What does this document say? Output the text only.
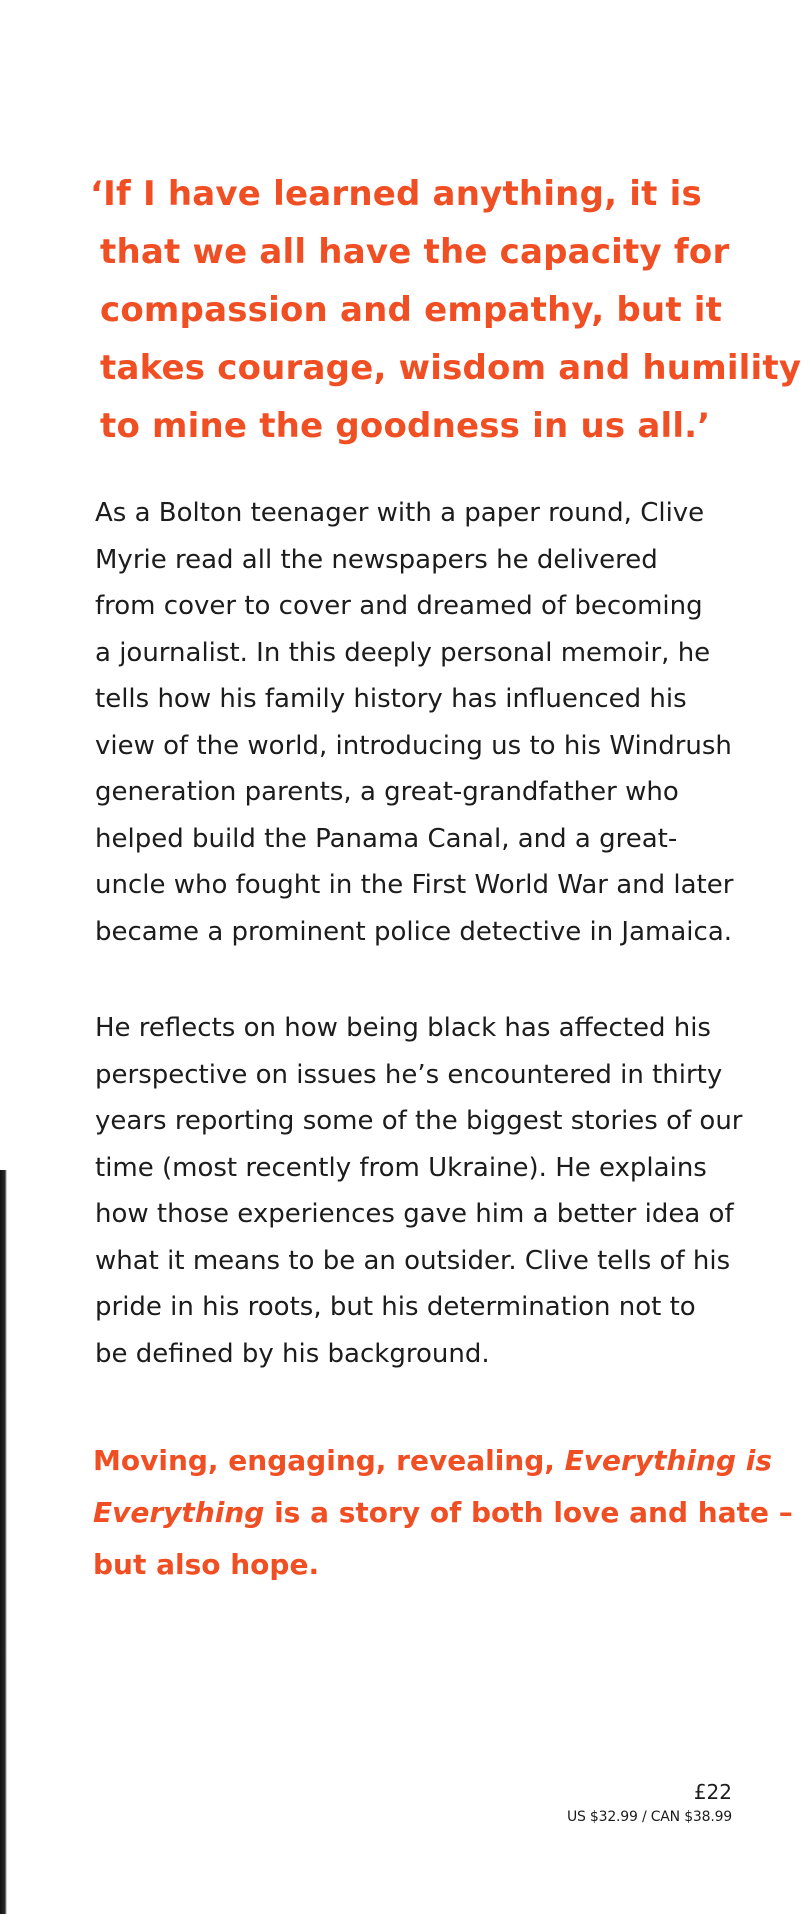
‘If I have learned anything, it is
that we all have the capacity for
compassion and empathy, but it
takes courage, wisdom and humility
to mine the goodness in us all.’

As a Bolton teenager with a paper round, Clive
Myrie read all the newspapers he delivered
from cover to cover and dreamed of becoming
a journalist. In this deeply personal memoir, he
tells how his family history has influenced his
view of the world, introducing us to his Windrush
generation parents, a great-grandfather who
helped build the Panama Canal, and a great-
uncle who fought in the First World War and later
became a prominent police detective in Jamaica.

He reflects on how being black has affected his
perspective on issues he’s encountered in thirty
years reporting some of the biggest stories of our
time (most recently from Ukraine). He explains
how those experiences gave him a better idea of
what it means to be an outsider. Clive tells of his
pride in his roots, but his determination not to
be defined by his background.

Moving, engaging, revealing, Everything is
Everything is a story of both love and hate –
but also hope.

£22
US $32.99 / CAN $38.99
